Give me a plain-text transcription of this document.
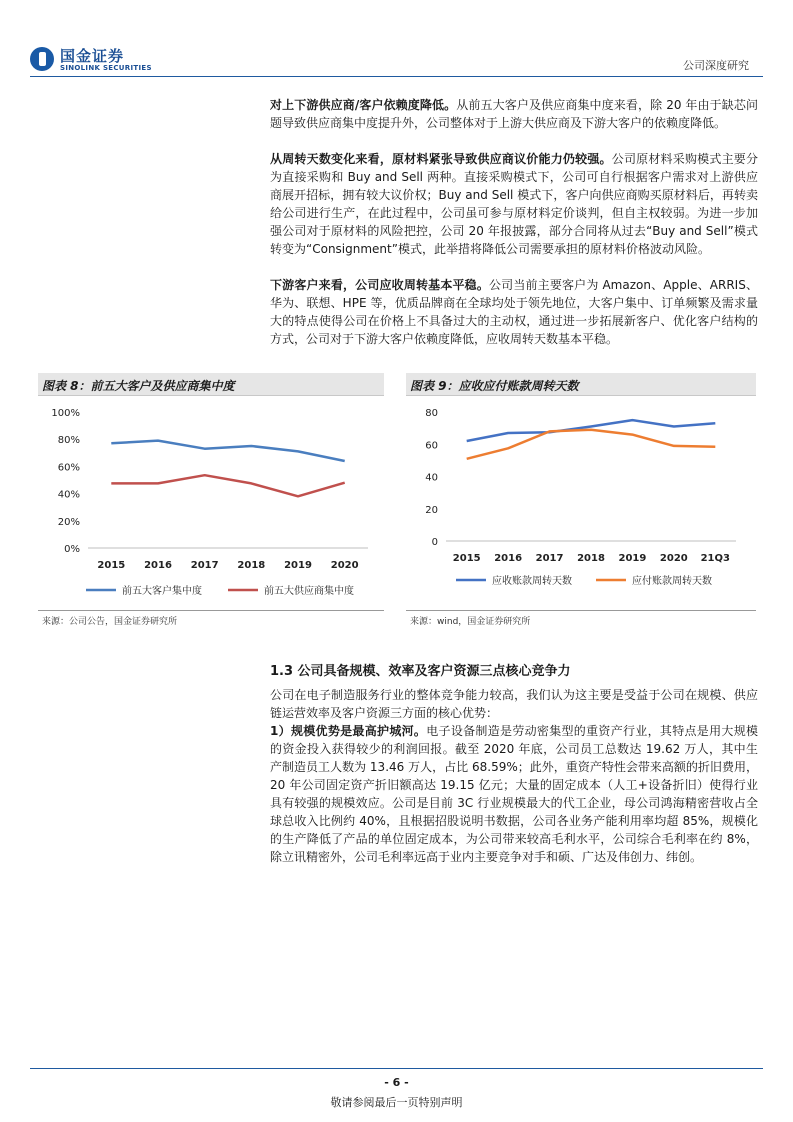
国金证券
SINOLINK SECURITIES	公司深度研究
对上下游供应商/客户依赖度降低。从前五大客户及供应商集中度来看，除 20 年由于缺芯问题导致供应商集中度提升外，公司整体对于上游大供应商及下游大客户的依赖度降低。
从周转天数变化来看，原材料紧张导致供应商议价能力仍较强。公司原材料采购模式主要分为直接采购和 Buy and Sell 两种。直接采购模式下，公司可自行根据客户需求对上游供应商展开招标，拥有较大议价权；Buy and Sell 模式下，客户向供应商购买原材料后，再转卖给公司进行生产，在此过程中，公司虽可参与原材料定价谈判，但自主权较弱。为进一步加强公司对于原材料的风险把控，公司 20 年报披露，部分合同将从过去“Buy and Sell”模式转变为“Consignment”模式，此举措将降低公司需要承担的原材料价格波动风险。
下游客户来看，公司应收周转基本平稳。公司当前主要客户为 Amazon、Apple、ARRIS、华为、联想、HPE 等，优质品牌商在全球均处于领先地位，大客户集中、订单频繁及需求量大的特点使得公司在价格上不具备过大的主动权，通过进一步拓展新客户、优化客户结构的方式，公司对于下游大客户依赖度降低，应收周转天数基本平稳。
图表 8：前五大客户及供应商集中度
100%
80%
60%
40%
20%
0%
2015 2016 2017 2018 2019 2020
前五大客户集中度	前五大供应商集中度
来源：公司公告，国金证券研究所
图表 9：应收应付账款周转天数
80
60
40
20
0
2015 2016 2017 2018 2019 2020 21Q3
应收账款周转天数	应付账款周转天数
来源：wind，国金证券研究所
1.3 公司具备规模、效率及客户资源三点核心竞争力
公司在电子制造服务行业的整体竞争能力较高，我们认为这主要是受益于公司在规模、供应链运营效率及客户资源三方面的核心优势：
1）规模优势是最高护城河。电子设备制造是劳动密集型的重资产行业，其特点是用大规模的资金投入获得较少的利润回报。截至 2020 年底，公司员工总数达 19.62 万人，其中生产制造员工人数为 13.46 万人，占比 68.59%；此外，重资产特性会带来高额的折旧费用，20 年公司固定资产折旧额高达 19.15 亿元；大量的固定成本（人工+设备折旧）使得行业具有较强的规模效应。公司是目前 3C 行业规模最大的代工企业，母公司鸿海精密营收占全球总收入比例约 40%，且根据招股说明书数据，公司各业务产能利用率均超 85%，规模化的生产降低了产品的单位固定成本，为公司带来较高毛利水平，公司综合毛利率在约 8%，除立讯精密外，公司毛利率远高于业内主要竞争对手和硕、广达及伟创力、纬创。
- 6 -
敬请参阅最后一页特别声明
